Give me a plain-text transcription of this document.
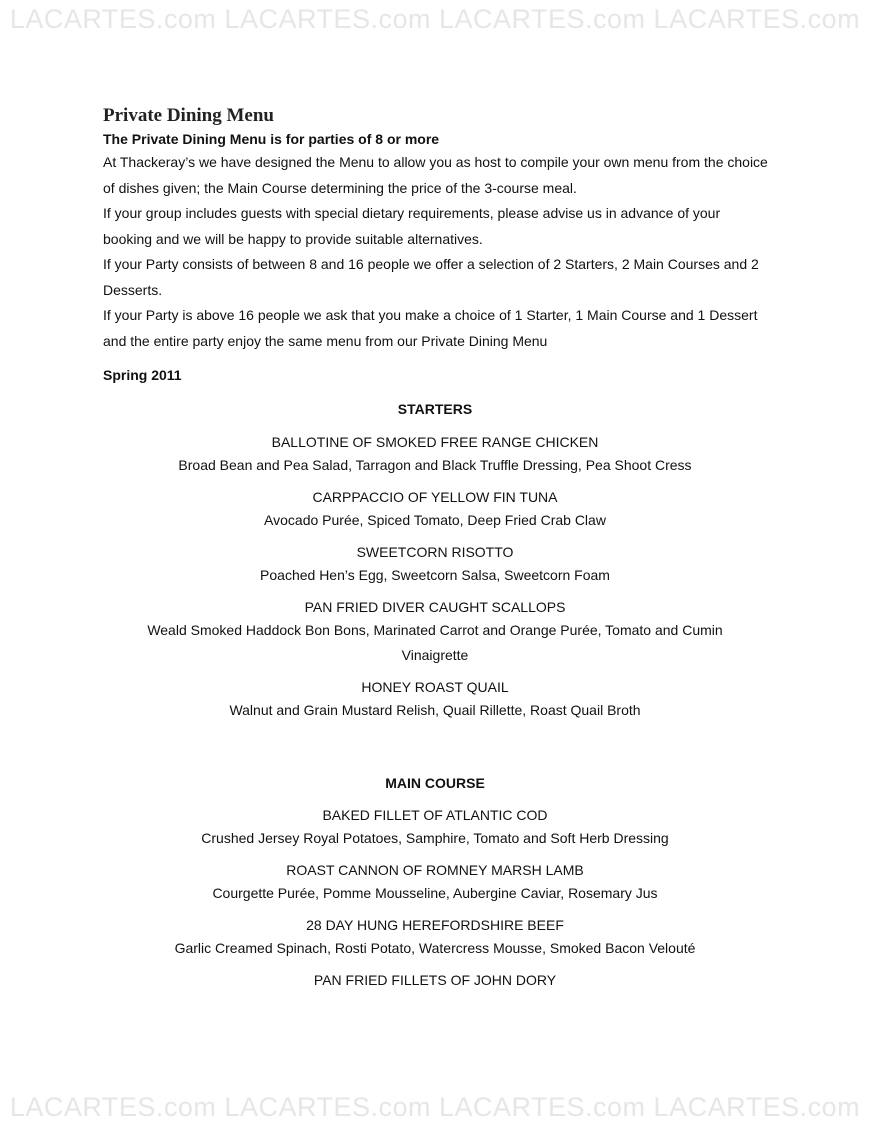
LACARTES.com LACARTES.com LACARTES.com LACARTES.com
Private Dining Menu

The Private Dining Menu is for parties of 8 or more

At Thackeray’s we have designed the Menu to allow you as host to compile your own menu from the choice of dishes given; the Main Course determining the price of the 3-course meal.

If your group includes guests with special dietary requirements, please advise us in advance of your booking and we will be happy to provide suitable alternatives.

If your Party consists of between 8 and 16 people we offer a selection of 2 Starters, 2 Main Courses and 2 Desserts.

If your Party is above 16 people we ask that you make a choice of 1 Starter, 1 Main Course and 1 Dessert and the entire party enjoy the same menu from our Private Dining Menu

Spring 2011

STARTERS

BALLOTINE OF SMOKED FREE RANGE CHICKEN

Broad Bean and Pea Salad, Tarragon and Black Truffle Dressing, Pea Shoot Cress

CARPPACCIO OF YELLOW FIN TUNA

Avocado Purée, Spiced Tomato, Deep Fried Crab Claw

SWEETCORN RISOTTO

Poached Hen’s Egg, Sweetcorn Salsa, Sweetcorn Foam

PAN FRIED DIVER CAUGHT SCALLOPS

Weald Smoked Haddock Bon Bons, Marinated Carrot and Orange Purée, Tomato and Cumin Vinaigrette

HONEY ROAST QUAIL

Walnut and Grain Mustard Relish, Quail Rillette, Roast Quail Broth

MAIN COURSE

BAKED FILLET OF ATLANTIC COD

Crushed Jersey Royal Potatoes, Samphire, Tomato and Soft Herb Dressing

ROAST CANNON OF ROMNEY MARSH LAMB

Courgette Purée, Pomme Mousseline, Aubergine Caviar, Rosemary Jus

28 DAY HUNG HEREFORDSHIRE BEEF

Garlic Creamed Spinach, Rosti Potato, Watercress Mousse, Smoked Bacon Velouté

PAN FRIED FILLETS OF JOHN DORY

LACARTES.com LACARTES.com LACARTES.com LACARTES.com
